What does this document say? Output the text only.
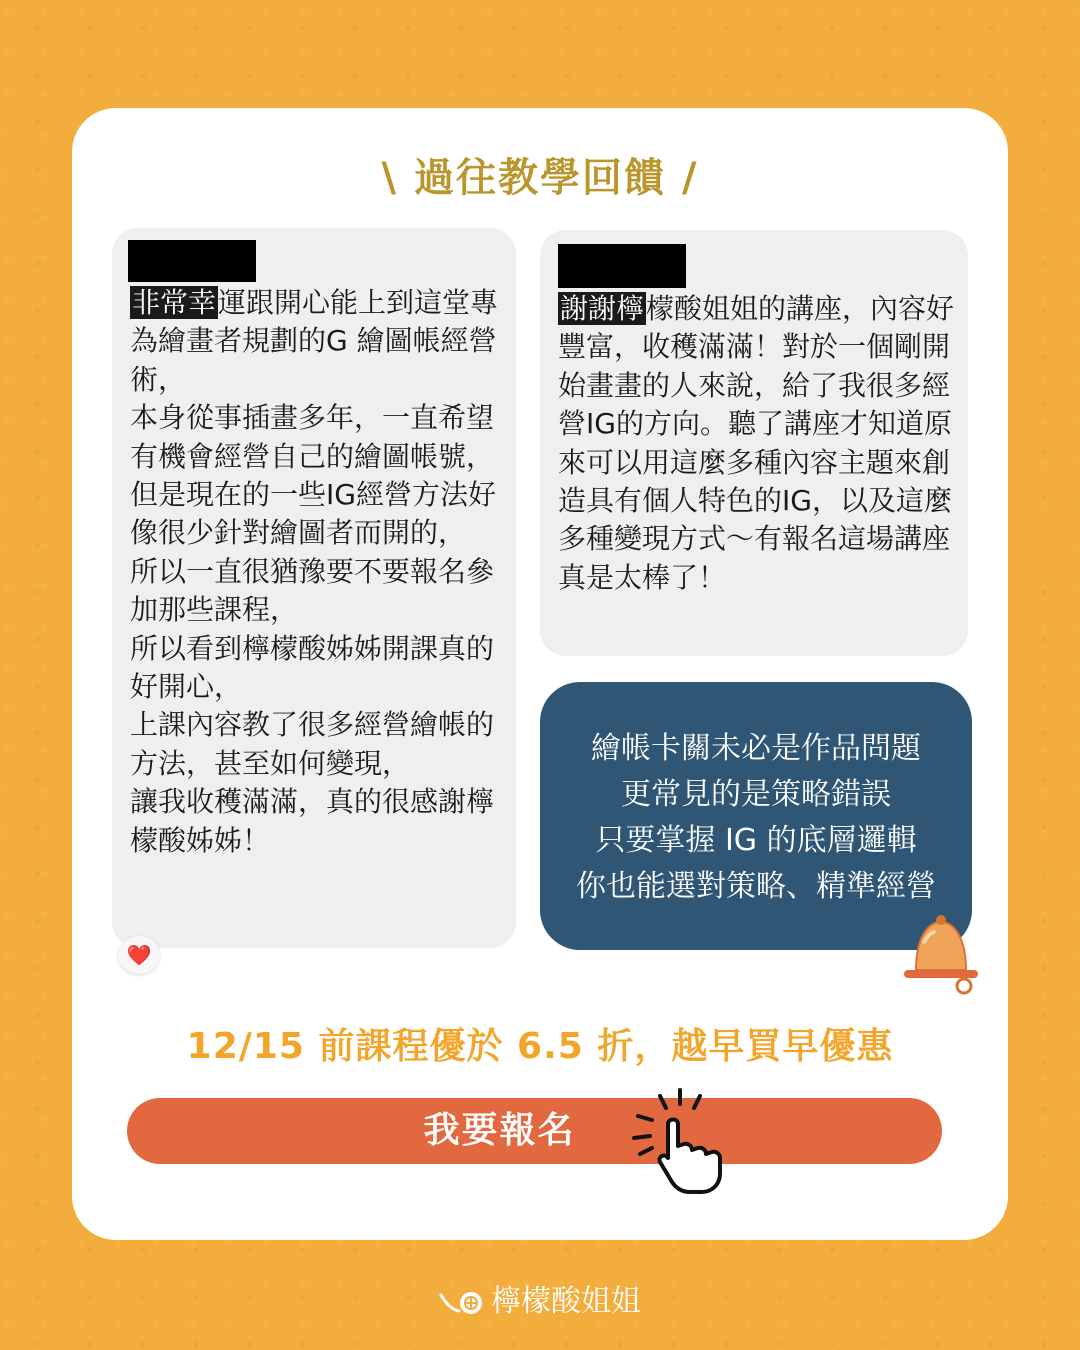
\ 過往教學回饋 /
非常幸運跟開心能上到這堂專為繪畫者規劃的G 繪圖帳經營術，
本身從事插畫多年，一直希望有機會經營自己的繪圖帳號，
但是現在的一些IG經營方法好像很少針對繪圖者而開的，
所以一直很猶豫要不要報名參加那些課程，
所以看到檸檬酸姊姊開課真的好開心，
上課內容教了很多經營繪帳的方法，甚至如何變現，
讓我收穫滿滿，真的很感謝檸檬酸姊姊！
❤️
謝謝檸檬酸姐姐的講座，內容好豐富，收穫滿滿！對於一個剛開始畫畫的人來說，給了我很多經營IG的方向。聽了講座才知道原來可以用這麼多種內容主題來創造具有個人特色的IG，以及這麼多種變現方式～有報名這場講座真是太棒了！
繪帳卡關未必是作品問題
更常見的是策略錯誤
只要掌握 IG 的底層邏輯
你也能選對策略、精準經營
12/15 前課程優於 6.5 折，越早買早優惠
我要報名
檸檬酸姐姐
